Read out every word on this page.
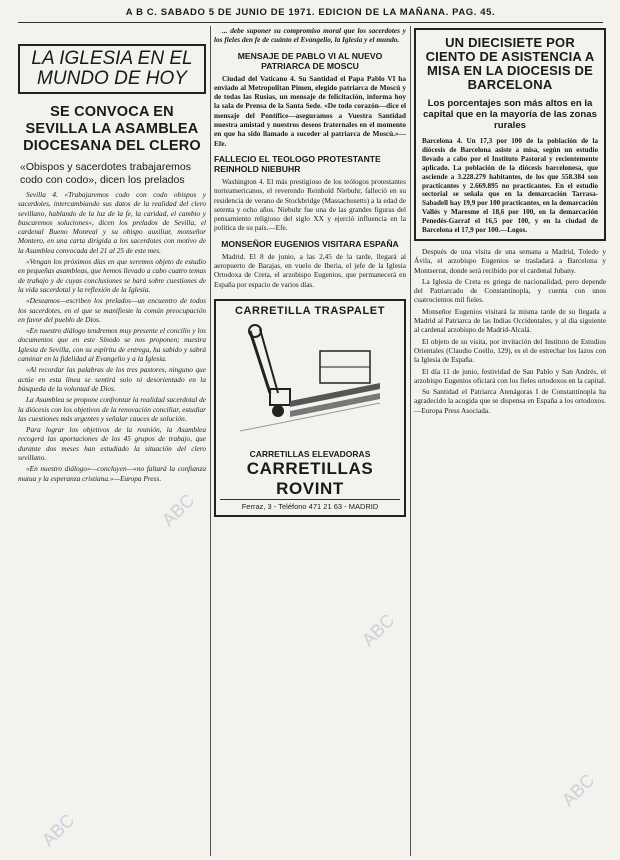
A B C. SABADO 5 DE JUNIO DE 1971. EDICION DE LA MAÑANA. PAG. 45.
LA IGLESIA EN EL MUNDO DE HOY
SE CONVOCA EN SEVILLA LA ASAMBLEA DIOCESANA DEL CLERO
«Obispos y sacerdotes trabajaremos codo con codo», dicen los prelados

Sevilla 4. «Trabajaremos codo con codo obispos y sacerdotes, intercambiando sus datos de la realidad del clero sevillano, hablando de la luz de la fe, la caridad, el cambio y buscaremos soluciones», dicen los prelados de Sevilla, el cardenal Bueno Monreal y su obispo auxiliar, monseñor Montero, en una carta dirigida a los sacerdotes con motivo de la Asamblea convocada del 21 al 25 de este mes.

«Vengan los próximos días en que seremos objeto de estudio en pequeñas asambleas, que hemos llevado a cabo cuatro temas de trabajo y de cuyas conclusiones se hará sobre cuestiones de la vida sacerdotal y la reflexión de la Iglesia.

«Deseamos—escriben los prelados—un encuentro de todos los sacerdotes, en el que se manifieste la común preocupación en favor del pueblo de Dios.

«En nuestro diálogo tendremos muy presente el concilio y los documentos que en este Sínodo se nos proponen; nuestra Iglesia de Sevilla, con su espíritu de entrega, ha sabido y sabrá caminar en la fidelidad al Evangelio y a la Iglesia.

«Al recordar las palabras de los tres pastores, ninguno que actúe en esta línea se sentirá solo ni desorientado en la búsqueda de la voluntad de Dios.

La Asamblea se propone confrontar la realidad sacerdotal de la diócesis con los objetivos de la renovación conciliar, estudiar las cuestiones más urgentes y señalar cauces de solución.

Para lograr los objetivos de la reunión, la Asamblea recogerá las aportaciones de los 45 grupos de trabajo, que durante dos meses han estudiado la situación del clero sevillano.

«En nuestro diálogo»—concluyen—«no faltará la confianza mutua y la esperanza cristiana.»—Europa Press.

... debe suponer su compromiso moral que los sacerdotes y los fieles den fe de cuánto el Evangelio, la Iglesia y el mundo.

MENSAJE DE PABLO VI AL NUEVO PATRIARCA DE MOSCU

Ciudad del Vaticano 4. Su Santidad el Papa Pablo VI ha enviado al Metropolitan Pimen, elegido patriarca de Moscú y de todas las Rusias, un mensaje de felicitación, informa hoy la sala de Prensa de la Santa Sede. «De todo corazón—dice el mensaje del Pontífice—aseguramos a Vuestra Santidad nuestra amistad y nuestros deseos fraternales en el momento en que ha sido llamado a suceder al patriarca de Moscú.»—Efe.

FALLECIO EL TEOLOGO PROTESTANTE REINHOLD NIEBUHR

Washington 4. El más prestigioso de los teólogos protestantes norteamericanos, el reverendo Reinhold Niebuhr, falleció en su residencia de verano de Stockbridge (Massachusetts) a la edad de setenta y ocho años. Niebuhr fue una de las grandes figuras del pensamiento religioso del siglo XX y ejerció influencia en la política de su país.—Efe.

MONSEÑOR EUGENIOS VISITARA ESPAÑA

Madrid. El 8 de junio, a las 2,45 de la tarde, llegará al aeropuerto de Barajas, en vuelo de Iberia, el jefe de la Iglesia Ortodoxa de Creta, el arzobispo Eugenios, que permanecerá en España por espacio de varios días.

CARRETILLA TRASPALET
CARRETILLAS ELEVADORAS
CARRETILLAS ROVINT
Ferraz, 3 - Teléfono 471 21 63 - MADRID
UN DIECISIETE POR CIENTO DE ASISTENCIA A MISA EN LA DIOCESIS DE BARCELONA
Los porcentajes son más altos en la capital que en la mayoría de las zonas rurales
Barcelona 4. Un 17,3 por 100 de la población de la diócesis de Barcelona asiste a misa, según un estudio llevado a cabo por el Instituto Pastoral y recientemente aplicado. La población de la diócesis barcelonesa, que asciende a 3.228.279 habitantes, de los que 558.384 son practicantes y 2.669.895 no practicantes. En el estudio sectorial se señala que en la demarcación Tarrasa-Sabadell hay 19,9 por 100 practicantes, en la demarcación Vallés y Maresme el 18,6 por 100, en la demarcación Penedés-Garraf el 16,5 por 100, y en la ciudad de Barcelona el 17,9 por 100.—Logos.

Después de una visita de una semana a Madrid, Toledo y Ávila, el arzobispo Eugenios se trasladará a Barcelona y Montserrat, donde será recibido por el cardenal Jubany.

La Iglesia de Creta es griega de nacionalidad, pero depende del Patriarcado de Constantinopla, y cuenta con unos cuatrocientos mil fieles.

Monseñor Eugenios visitará la misma tarde de su llegada a Madrid al Patriarca de las Indias Occidentales, y al día siguiente al cardenal arzobispo de Madrid-Alcalá.

El objeto de su visita, por invitación del Instituto de Estudios Orientales (Claudio Coello, 129), es el de estrechar los lazos con la Iglesia de España.

El día 11 de junio, festividad de San Pablo y San Andrés, el arzobispo Eugenios oficiará con los fieles ortodoxos en la capital.

Su Santidad el Patriarca Atenágoras I de Constantinopla ha agradecido la acogida que se dispensa en España a los ortodoxos.—Europa Press Asociada.

ABC
ABC
ABC
ABC
